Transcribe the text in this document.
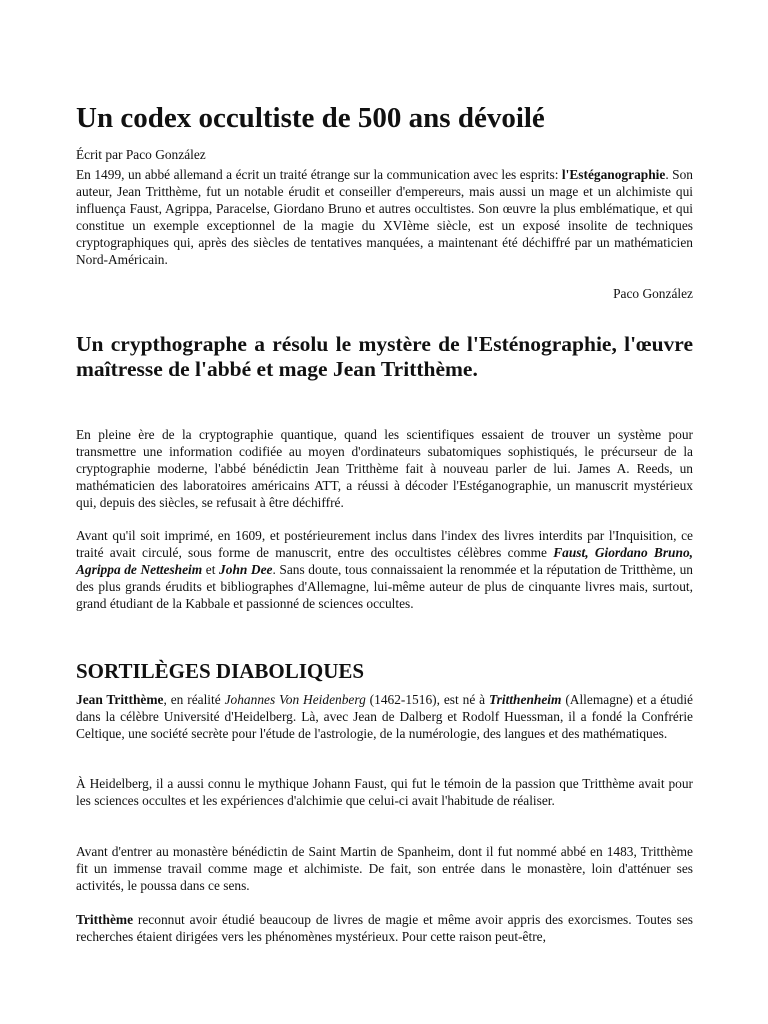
Un codex occultiste de 500 ans dévoilé
Écrit par Paco González

En 1499, un abbé allemand a écrit un traité étrange sur la communication avec les esprits: l'Estéganographie. Son auteur, Jean Tritthème, fut un notable érudit et conseiller d'empereurs, mais aussi un mage et un alchimiste qui influença Faust, Agrippa, Paracelse, Giordano Bruno et autres occultistes. Son œuvre la plus emblématique, et qui constitue un exemple exceptionnel de la magie du XVIème siècle, est un exposé insolite de techniques cryptographiques qui, après des siècles de tentatives manquées, a maintenant été déchiffré par un mathématicien Nord-Américain.

Paco González
Un crypthographe a résolu le mystère de l'Esténographie, l'œuvre maîtresse de l'abbé et mage Jean Tritthème.

En pleine ère de la cryptographie quantique, quand les scientifiques essaient de trouver un système pour transmettre une information codifiée au moyen d'ordinateurs subatomiques sophistiqués, le précurseur de la cryptographie moderne, l'abbé bénédictin Jean Tritthème fait à nouveau parler de lui. James A. Reeds, un mathématicien des laboratoires américains ATT, a réussi à décoder l'Estéganographie, un manuscrit mystérieux qui, depuis des siècles, se refusait à être déchiffré.

Avant qu'il soit imprimé, en 1609, et postérieurement inclus dans l'index des livres interdits par l'Inquisition, ce traité avait circulé, sous forme de manuscrit, entre des occultistes célèbres comme Faust, Giordano Bruno, Agrippa de Nettesheim et John Dee. Sans doute, tous connaissaient la renommée et la réputation de Tritthème, un des plus grands érudits et bibliographes d'Allemagne, lui-même auteur de plus de cinquante livres mais, surtout, grand étudiant de la Kabbale et passionné de sciences occultes.

SORTILÈGES DIABOLIQUES

Jean Tritthème, en réalité Johannes Von Heidenberg (1462-1516), est né à Tritthenheim (Allemagne) et a étudié dans la célèbre Université d'Heidelberg. Là, avec Jean de Dalberg et Rodolf Huessman, il a fondé la Confrérie Celtique, une société secrète pour l'étude de l'astrologie, de la numérologie, des langues et des mathématiques.

À Heidelberg, il a aussi connu le mythique Johann Faust, qui fut le témoin de la passion que Tritthème avait pour les sciences occultes et les expériences d'alchimie que celui-ci avait l'habitude de réaliser.

Avant d'entrer au monastère bénédictin de Saint Martin de Spanheim, dont il fut nommé abbé en 1483, Tritthème fit un immense travail comme mage et alchimiste. De fait, son entrée dans le monastère, loin d'atténuer ses activités, le poussa dans ce sens.

Tritthème reconnut avoir étudié beaucoup de livres de magie et même avoir appris des exorcismes. Toutes ses recherches étaient dirigées vers les phénomènes mystérieux. Pour cette raison peut-être,
